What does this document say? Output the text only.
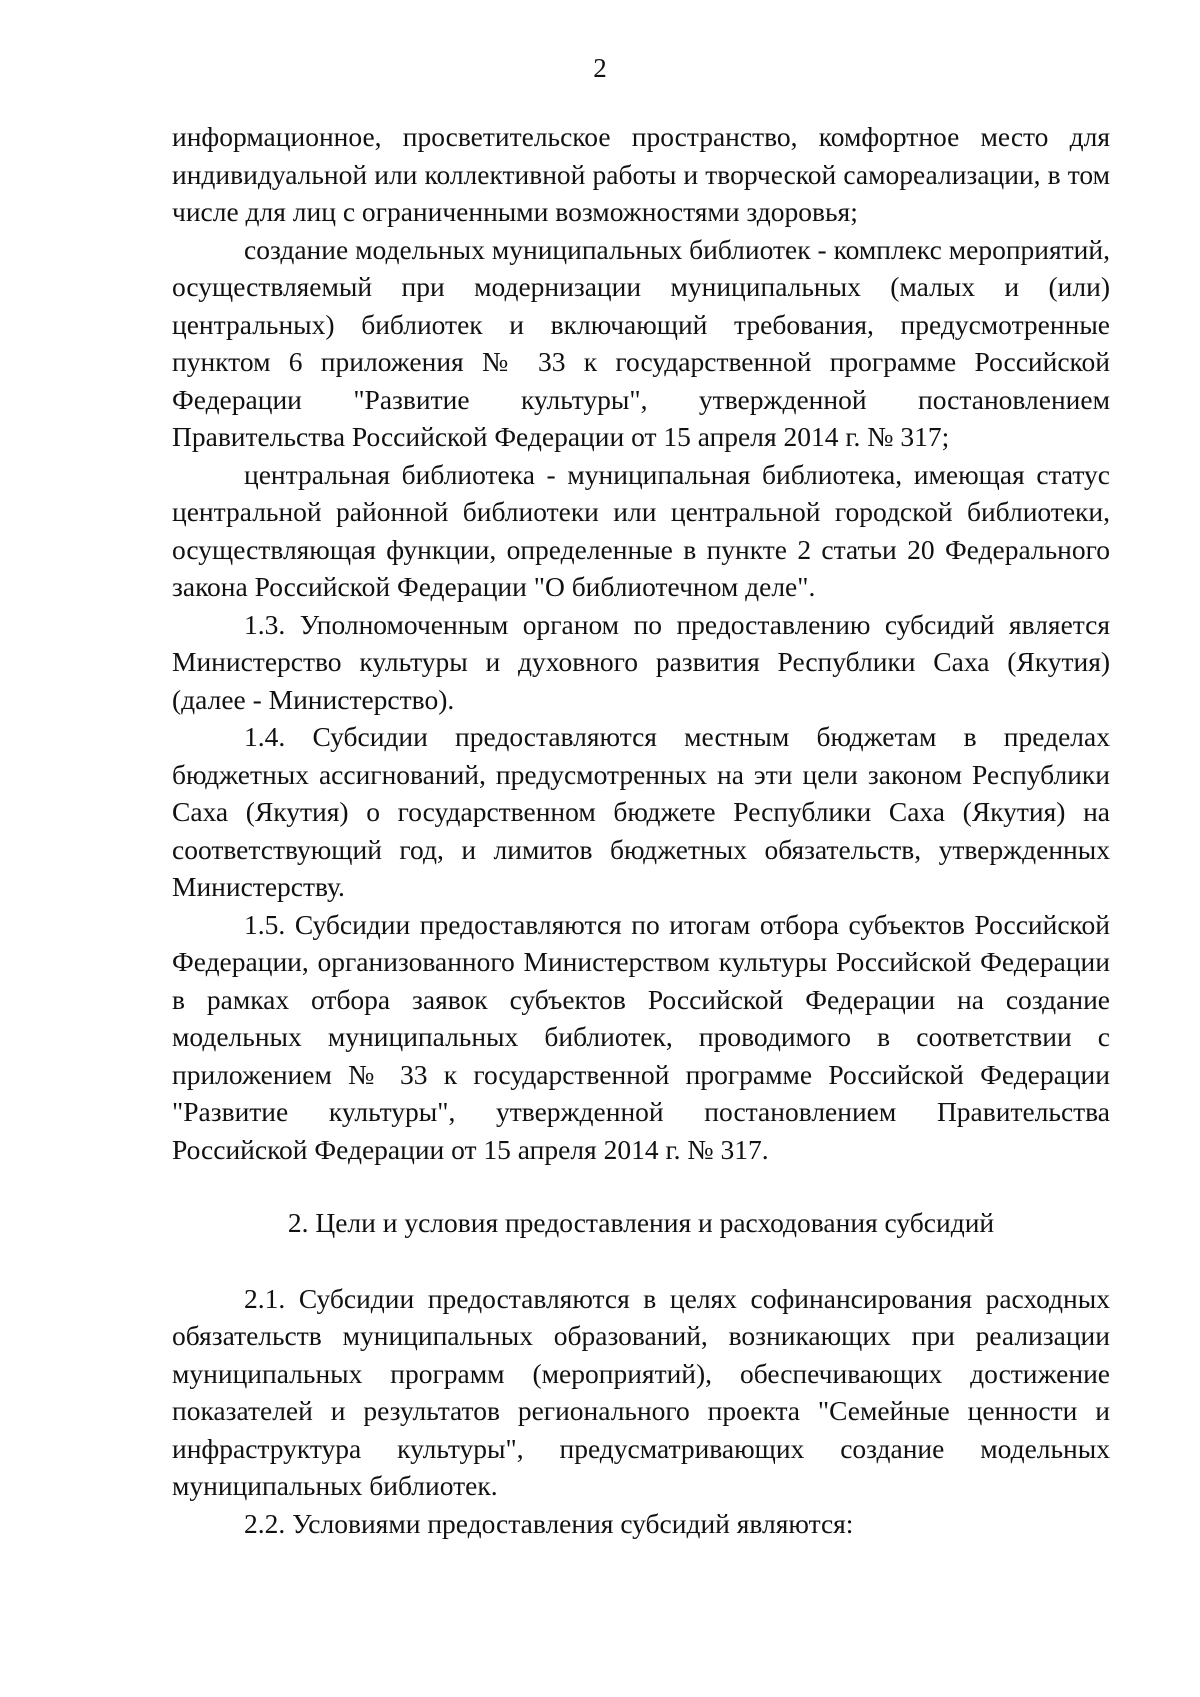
2

информационное, просветительское пространство, комфортное место для индивидуальной или коллективной работы и творческой самореализации, в том числе для лиц с ограниченными возможностями здоровья;

создание модельных муниципальных библиотек - комплекс мероприятий, осуществляемый при модернизации муниципальных (малых и (или) центральных) библиотек и включающий требования, предусмотренные пунктом 6 приложения № 33 к государственной программе Российской Федерации "Развитие культуры", утвержденной постановлением Правительства Российской Федерации от 15 апреля 2014 г. № 317;

центральная библиотека - муниципальная библиотека, имеющая статус центральной районной библиотеки или центральной городской библиотеки, осуществляющая функции, определенные в пункте 2 статьи 20 Федерального закона Российской Федерации "О библиотечном деле".

1.3. Уполномоченным органом по предоставлению субсидий является Министерство культуры и духовного развития Республики Саха (Якутия) (далее - Министерство).

1.4. Субсидии предоставляются местным бюджетам в пределах бюджетных ассигнований, предусмотренных на эти цели законом Республики Саха (Якутия) о государственном бюджете Республики Саха (Якутия) на соответствующий год, и лимитов бюджетных обязательств, утвержденных Министерству.

1.5. Субсидии предоставляются по итогам отбора субъектов Российской Федерации, организованного Министерством культуры Российской Федерации в рамках отбора заявок субъектов Российской Федерации на создание модельных муниципальных библиотек, проводимого в соответствии с приложением № 33 к государственной программе Российской Федерации "Развитие культуры", утвержденной постановлением Правительства Российской Федерации от 15 апреля 2014 г. № 317.

2. Цели и условия предоставления и расходования субсидий

2.1. Субсидии предоставляются в целях софинансирования расходных обязательств муниципальных образований, возникающих при реализации муниципальных программ (мероприятий), обеспечивающих достижение показателей и результатов регионального проекта "Семейные ценности и инфраструктура культуры", предусматривающих создание модельных муниципальных библиотек.

2.2. Условиями предоставления субсидий являются:
